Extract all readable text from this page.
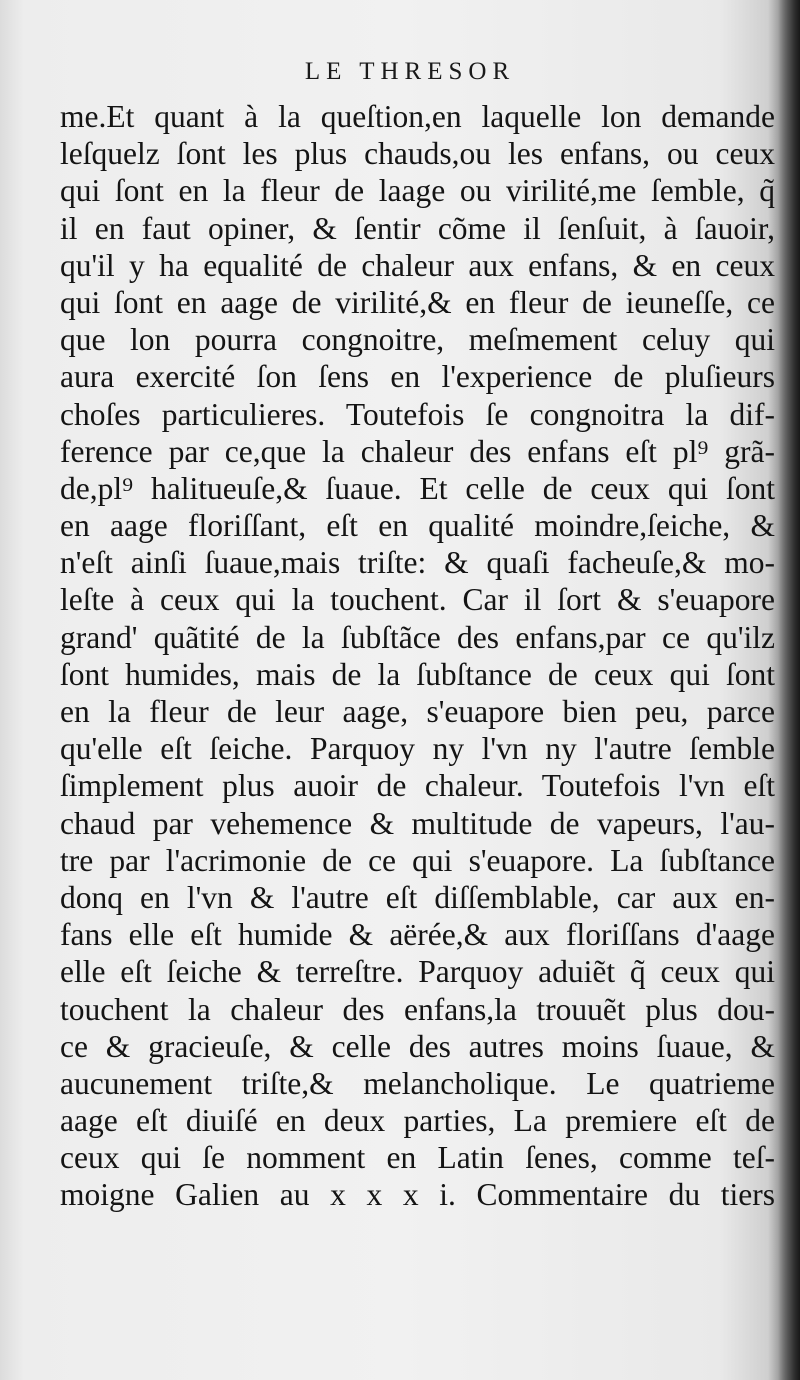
LE THRESOR
me.Et quant à la queſtion,en laquelle lon demande
leſquelz ſont les plus chauds,ou les enfans, ou ceux
qui ſont en la fleur de laage ou virilité,me ſemble, q̃
il en faut opiner, & ſentir cõme il ſenſuit, à ſauoir,
qu'il y ha equalité de chaleur aux enfans, & en ceux
qui ſont en aage de virilité,& en fleur de ieuneſſe, ce
que lon pourra congnoitre, meſmement celuy qui
aura exercité ſon ſens en l'experience de pluſieurs
choſes particulieres. Toutefois ſe congnoitra la dif-
ference par ce,que la chaleur des enfans eſt pl⁹ grã-
de,pl⁹ halitueuſe,& ſuaue. Et celle de ceux qui ſont
en aage floriſſant, eſt en qualité moindre,ſeiche, &
n'eſt ainſi ſuaue,mais triſte: & quaſi facheuſe,& mo-
leſte à ceux qui la touchent. Car il ſort & s'euapore
grand' quãtité de la ſubſtãce des enfans,par ce qu'ilz
ſont humides, mais de la ſubſtance de ceux qui ſont
en la fleur de leur aage, s'euapore bien peu, parce
qu'elle eſt ſeiche. Parquoy ny l'vn ny l'autre ſemble
ſimplement plus auoir de chaleur. Toutefois l'vn eſt
chaud par vehemence & multitude de vapeurs, l'au-
tre par l'acrimonie de ce qui s'euapore. La ſubſtance
donq en l'vn & l'autre eſt diſſemblable, car aux en-
fans elle eſt humide & aërée,& aux floriſſans d'aage
elle eſt ſeiche & terreſtre. Parquoy aduiẽt q̃ ceux qui
touchent la chaleur des enfans,la trouuẽt plus dou-
ce & gracieuſe, & celle des autres moins ſuaue, &
aucunement triſte,& melancholique. Le quatrieme
aage eſt diuiſé en deux parties, La premiere eſt de
ceux qui ſe nomment en Latin ſenes, comme teſ-
moigne Galien au x x x i. Commentaire du tiers
